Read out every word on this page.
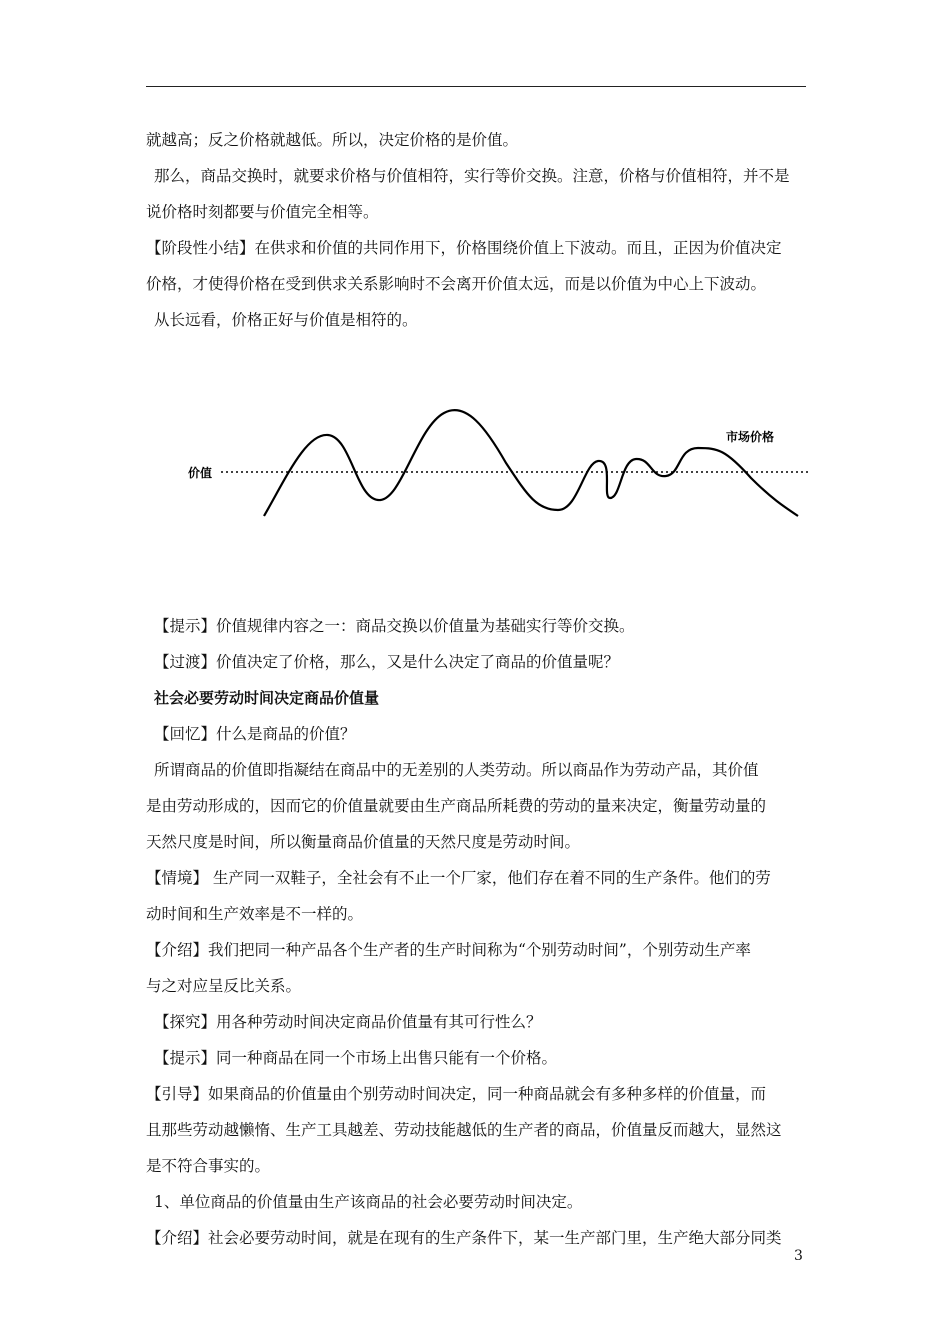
就越高；反之价格就越低。所以，决定价格的是价值。
那么，商品交换时，就要求价格与价值相符，实行等价交换。注意，价格与价值相符，并不是
说价格时刻都要与价值完全相等。
【阶段性小结】在供求和价值的共同作用下，价格围绕价值上下波动。而且，正因为价值决定
价格，才使得价格在受到供求关系影响时不会离开价值太远，而是以价值为中心上下波动。
从长远看，价格正好与价值是相符的。
价值
市场价格
【提示】价值规律内容之一：商品交换以价值量为基础实行等价交换。
【过渡】价值决定了价格，那么，又是什么决定了商品的价值量呢？
社会必要劳动时间决定商品价值量
【回忆】什么是商品的价值？
所谓商品的价值即指凝结在商品中的无差别的人类劳动。所以商品作为劳动产品，其价值
是由劳动形成的，因而它的价值量就要由生产商品所耗费的劳动的量来决定，衡量劳动量的
天然尺度是时间，所以衡量商品价值量的天然尺度是劳动时间。
【情境】 生产同一双鞋子，全社会有不止一个厂家，他们存在着不同的生产条件。他们的劳
动时间和生产效率是不一样的。
【介绍】我们把同一种产品各个生产者的生产时间称为“个别劳动时间”，个别劳动生产率
与之对应呈反比关系。
【探究】用各种劳动时间决定商品价值量有其可行性么？
【提示】同一种商品在同一个市场上出售只能有一个价格。
【引导】如果商品的价值量由个别劳动时间决定，同一种商品就会有多种多样的价值量，而
且那些劳动越懒惰、生产工具越差、劳动技能越低的生产者的商品，价值量反而越大，显然这
是不符合事实的。
1、单位商品的价值量由生产该商品的社会必要劳动时间决定。
【介绍】社会必要劳动时间，就是在现有的生产条件下，某一生产部门里，生产绝大部分同类
3
